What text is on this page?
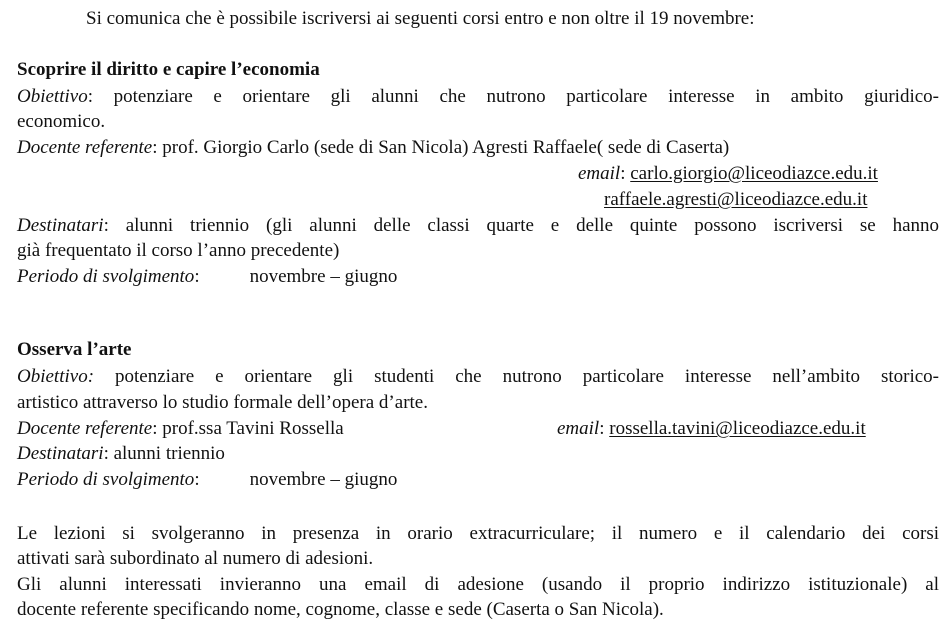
Si comunica che è possibile iscriversi ai seguenti corsi entro e non oltre il 19 novembre:
Scoprire il diritto e capire l’economia
Obiettivo: potenziare e orientare gli alunni che nutrono particolare interesse in ambito giuridico-
economico.
Docente referente: prof. Giorgio Carlo (sede di San Nicola) Agresti Raffaele( sede di Caserta)
email: carlo.giorgio@liceodiazce.edu.it
raffaele.agresti@liceodiazce.edu.it
Destinatari: alunni triennio (gli alunni delle classi quarte e delle quinte possono iscriversi se hanno
già frequentato il corso l’anno precedente)
Periodo di svolgimento:	novembre – giugno
Osserva l’arte
Obiettivo: potenziare e orientare gli studenti che nutrono particolare interesse nell’ambito storico-
artistico attraverso lo studio formale dell’opera d’arte.
Docente referente: prof.ssa Tavini Rossella	email: rossella.tavini@liceodiazce.edu.it
Destinatari: alunni triennio
Periodo di svolgimento:	novembre – giugno
Le lezioni si svolgeranno in presenza in orario extracurriculare; il numero e il calendario dei corsi
attivati sarà subordinato al numero di adesioni.
Gli alunni interessati invieranno una email di adesione (usando il proprio indirizzo istituzionale) al
docente referente specificando nome, cognome, classe e sede (Caserta o San Nicola).
